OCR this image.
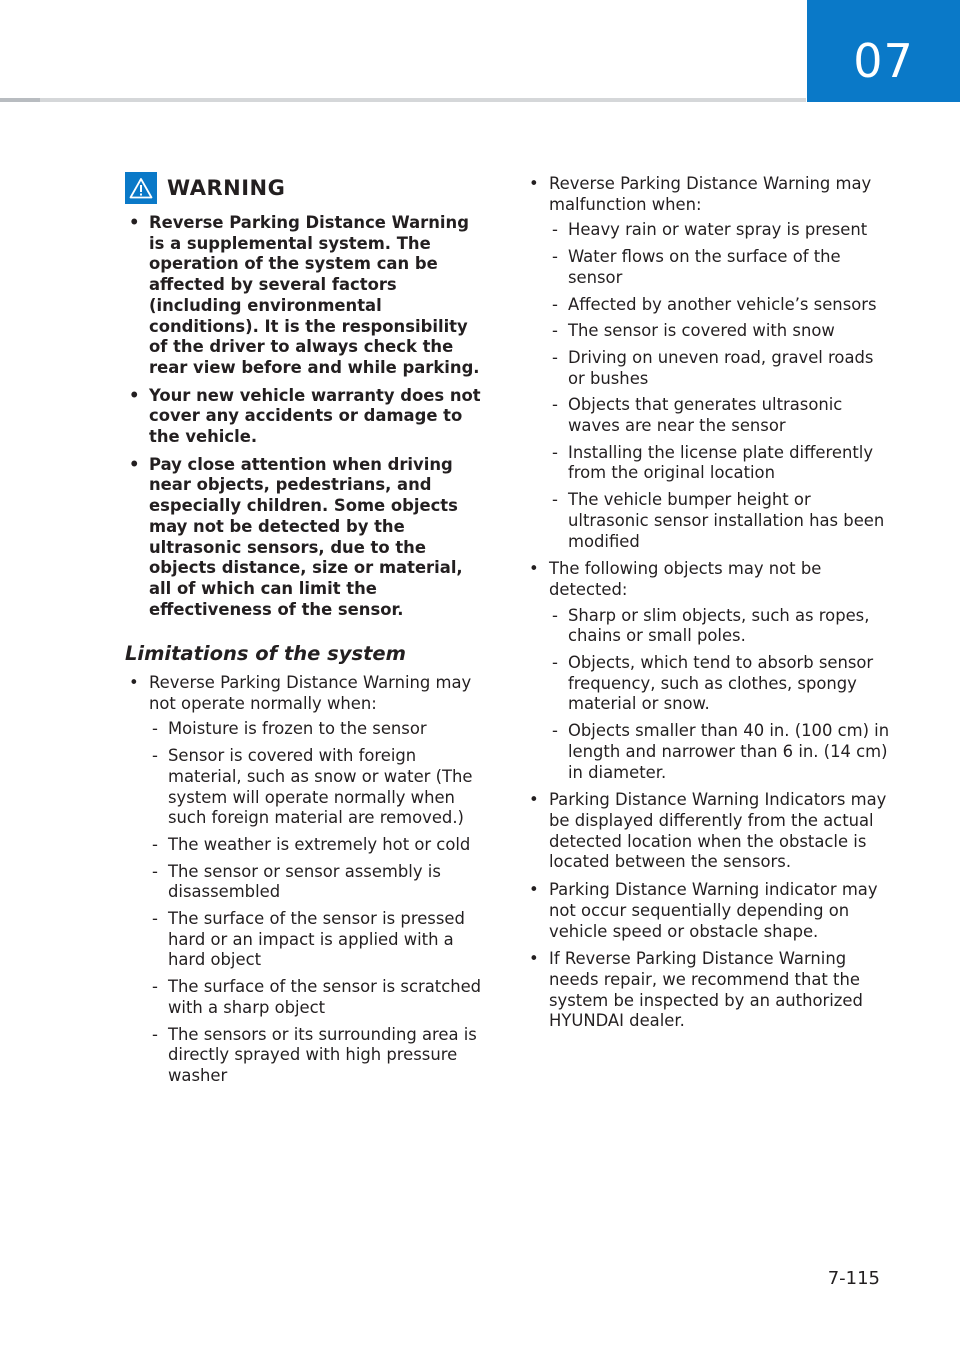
07
WARNING
• Reverse Parking Distance Warning is a supplemental system. The operation of the system can be affected by several factors (including environmental conditions). It is the responsibility of the driver to always check the rear view before and while parking.
• Your new vehicle warranty does not cover any accidents or damage to the vehicle.
• Pay close attention when driving near objects, pedestrians, and especially children. Some objects may not be detected by the ultrasonic sensors, due to the objects distance, size or material, all of which can limit the effectiveness of the sensor.
Limitations of the system
• Reverse Parking Distance Warning may not operate normally when:
- Moisture is frozen to the sensor
- Sensor is covered with foreign material, such as snow or water (The system will operate normally when such foreign material are removed.)
- The weather is extremely hot or cold
- The sensor or sensor assembly is disassembled
- The surface of the sensor is pressed hard or an impact is applied with a hard object
- The surface of the sensor is scratched with a sharp object
- The sensors or its surrounding area is directly sprayed with high pressure washer
• Reverse Parking Distance Warning may malfunction when:
- Heavy rain or water spray is present
- Water flows on the surface of the sensor
- Affected by another vehicle’s sensors
- The sensor is covered with snow
- Driving on uneven road, gravel roads or bushes
- Objects that generates ultrasonic waves are near the sensor
- Installing the license plate differently from the original location
- The vehicle bumper height or ultrasonic sensor installation has been modified
• The following objects may not be detected:
- Sharp or slim objects, such as ropes, chains or small poles.
- Objects, which tend to absorb sensor frequency, such as clothes, spongy material or snow.
- Objects smaller than 40 in. (100 cm) in length and narrower than 6 in. (14 cm) in diameter.
• Parking Distance Warning Indicators may be displayed differently from the actual detected location when the obstacle is located between the sensors.
• Parking Distance Warning indicator may not occur sequentially depending on vehicle speed or obstacle shape.
• If Reverse Parking Distance Warning needs repair, we recommend that the system be inspected by an authorized HYUNDAI dealer.
7-115
